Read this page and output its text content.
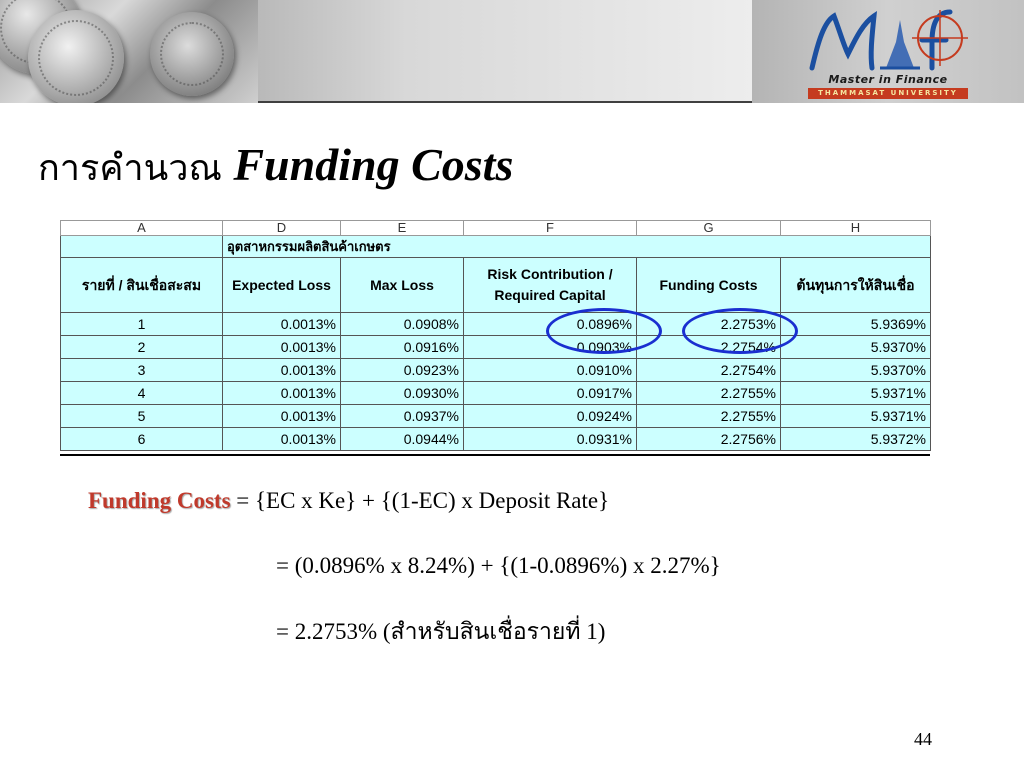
Master in Finance
THAMMASAT UNIVERSITY
การคำนวณ Funding Costs
A	D	E	F	G	H
	อุตสาหกรรมผลิตสินค้าเกษตร				
รายที่ / สินเชื่อสะสม	Expected Loss	Max Loss	Risk Contribution / Required Capital	Funding Costs	ต้นทุนการให้สินเชื่อ
1	0.0013%	0.0908%	0.0896%	2.2753%	5.9369%
2	0.0013%	0.0916%	0.0903%	2.2754%	5.9370%
3	0.0013%	0.0923%	0.0910%	2.2754%	5.9370%
4	0.0013%	0.0930%	0.0917%	2.2755%	5.9371%
5	0.0013%	0.0937%	0.0924%	2.2755%	5.9371%
6	0.0013%	0.0944%	0.0931%	2.2756%	5.9372%
Funding Costs = {EC x Ke} + {(1-EC) x Deposit Rate}
= (0.0896% x 8.24%) + {(1-0.0896%) x 2.27%}
= 2.2753% (สำหรับสินเชื่อรายที่ 1)
44
